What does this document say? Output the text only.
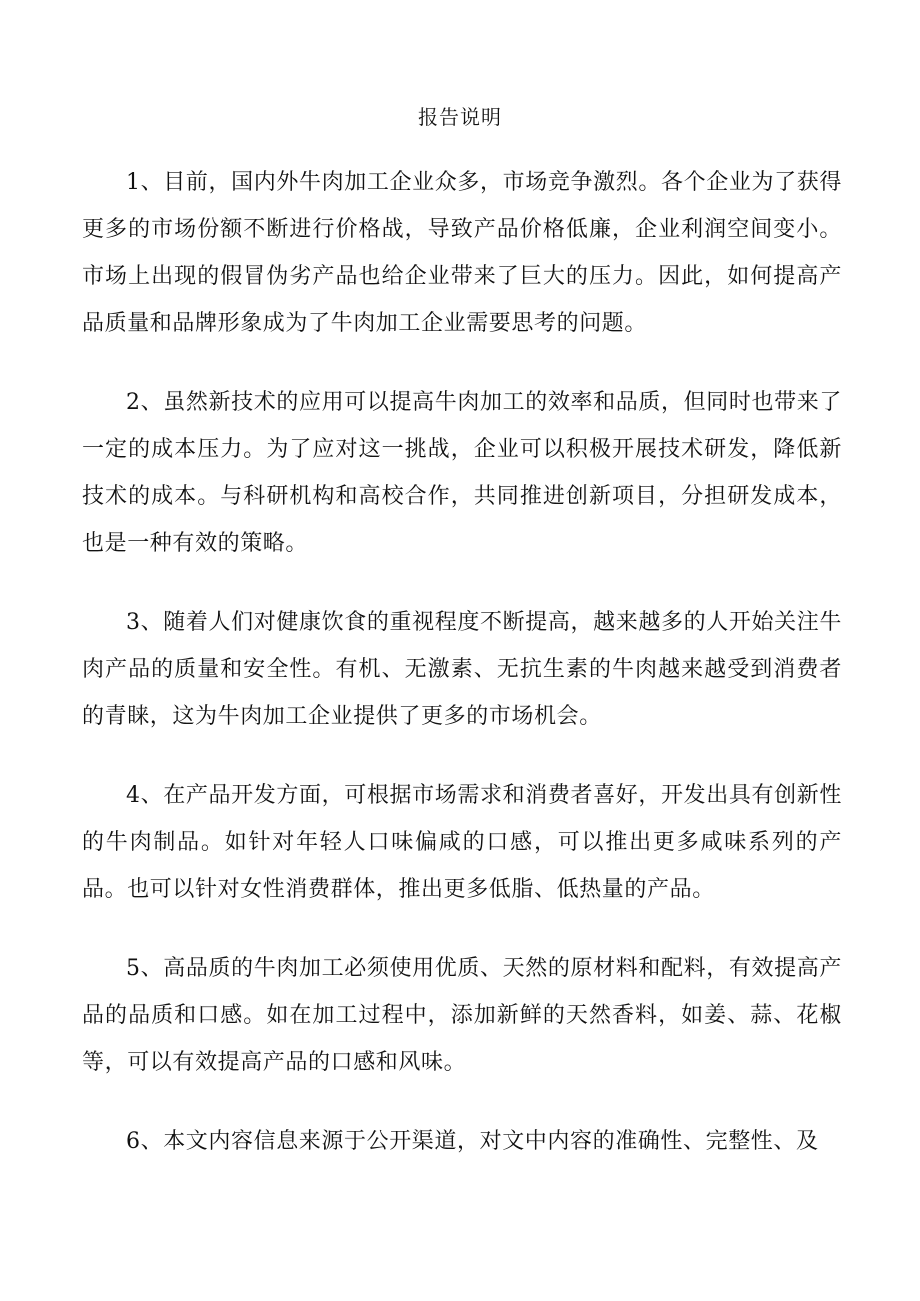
报告说明

1、目前，国内外牛肉加工企业众多，市场竞争激烈。各个企业为了获得更多的市场份额不断进行价格战，导致产品价格低廉，企业利润空间变小。市场上出现的假冒伪劣产品也给企业带来了巨大的压力。因此，如何提高产品质量和品牌形象成为了牛肉加工企业需要思考的问题。

2、虽然新技术的应用可以提高牛肉加工的效率和品质，但同时也带来了一定的成本压力。为了应对这一挑战，企业可以积极开展技术研发，降低新技术的成本。与科研机构和高校合作，共同推进创新项目，分担研发成本，也是一种有效的策略。

3、随着人们对健康饮食的重视程度不断提高，越来越多的人开始关注牛肉产品的质量和安全性。有机、无激素、无抗生素的牛肉越来越受到消费者的青睐，这为牛肉加工企业提供了更多的市场机会。

4、在产品开发方面，可根据市场需求和消费者喜好，开发出具有创新性的牛肉制品。如针对年轻人口味偏咸的口感，可以推出更多咸味系列的产品。也可以针对女性消费群体，推出更多低脂、低热量的产品。

5、高品质的牛肉加工必须使用优质、天然的原材料和配料，有效提高产品的品质和口感。如在加工过程中，添加新鲜的天然香料，如姜、蒜、花椒等，可以有效提高产品的口感和风味。

6、本文内容信息来源于公开渠道，对文中内容的准确性、完整性、及
